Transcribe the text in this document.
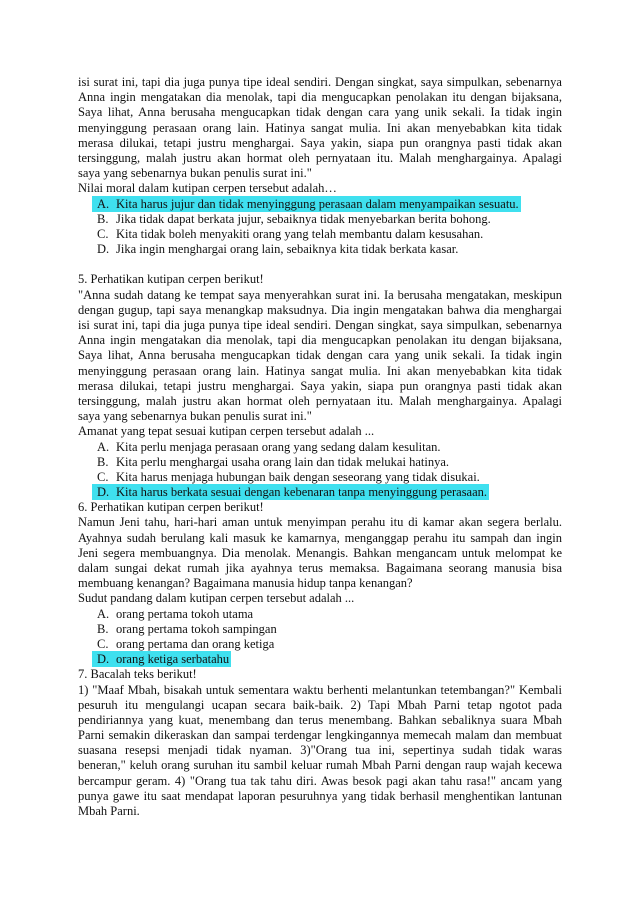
isi surat ini, tapi dia juga punya tipe ideal sendiri. Dengan singkat, saya simpulkan, sebenarnya
Anna ingin mengatakan dia menolak, tapi dia mengucapkan penolakan itu dengan bijaksana,
Saya lihat, Anna berusaha mengucapkan tidak dengan cara yang unik sekali. Ia tidak ingin
menyinggung perasaan orang lain. Hatinya sangat mulia. Ini akan menyebabkan kita tidak
merasa dilukai, tetapi justru menghargai. Saya yakin, siapa pun orangnya pasti tidak akan
tersinggung, malah justru akan hormat oleh pernyataan itu. Malah menghargainya. Apalagi
saya yang sebenarnya bukan penulis surat ini."
Nilai moral dalam kutipan cerpen tersebut adalah…
A. Kita harus jujur dan tidak menyinggung perasaan dalam menyampaikan sesuatu.
B. Jika tidak dapat berkata jujur, sebaiknya tidak menyebarkan berita bohong.
C. Kita tidak boleh menyakiti orang yang telah membantu dalam kesusahan.
D. Jika ingin menghargai orang lain, sebaiknya kita tidak berkata kasar.
5. Perhatikan kutipan cerpen berikut!
"Anna sudah datang ke tempat saya menyerahkan surat ini. Ia berusaha mengatakan, meskipun
dengan gugup, tapi saya menangkap maksudnya. Dia ingin mengatakan bahwa dia menghargai
isi surat ini, tapi dia juga punya tipe ideal sendiri. Dengan singkat, saya simpulkan, sebenarnya
Anna ingin mengatakan dia menolak, tapi dia mengucapkan penolakan itu dengan bijaksana,
Saya lihat, Anna berusaha mengucapkan tidak dengan cara yang unik sekali. Ia tidak ingin
menyinggung perasaan orang lain. Hatinya sangat mulia. Ini akan menyebabkan kita tidak
merasa dilukai, tetapi justru menghargai. Saya yakin, siapa pun orangnya pasti tidak akan
tersinggung, malah justru akan hormat oleh pernyataan itu. Malah menghargainya. Apalagi
saya yang sebenarnya bukan penulis surat ini."
Amanat yang tepat sesuai kutipan cerpen tersebut adalah ...
A. Kita perlu menjaga perasaan orang yang sedang dalam kesulitan.
B. Kita perlu menghargai usaha orang lain dan tidak melukai hatinya.
C. Kita harus menjaga hubungan baik dengan seseorang yang tidak disukai.
D. Kita harus berkata sesuai dengan kebenaran tanpa menyinggung perasaan.
6. Perhatikan kutipan cerpen berikut!
Namun Jeni tahu, hari-hari aman untuk menyimpan perahu itu di kamar akan segera berlalu.
Ayahnya sudah berulang kali masuk ke kamarnya, menganggap perahu itu sampah dan ingin
Jeni segera membuangnya. Dia menolak. Menangis. Bahkan mengancam untuk melompat ke
dalam sungai dekat rumah jika ayahnya terus memaksa. Bagaimana seorang manusia bisa
membuang kenangan? Bagaimana manusia hidup tanpa kenangan?
Sudut pandang dalam kutipan cerpen tersebut adalah ...
A. orang pertama tokoh utama
B. orang pertama tokoh sampingan
C. orang pertama dan orang ketiga
D. orang ketiga serbatahu
7. Bacalah teks berikut!
1) "Maaf Mbah, bisakah untuk sementara waktu berhenti melantunkan tetembangan?" Kembali
pesuruh itu mengulangi ucapan secara baik-baik. 2) Tapi Mbah Parni tetap ngotot pada
pendiriannya yang kuat, menembang dan terus menembang. Bahkan sebaliknya suara Mbah
Parni semakin dikeraskan dan sampai terdengar lengkingannya memecah malam dan membuat
suasana resepsi menjadi tidak nyaman. 3)"Orang tua ini, sepertinya sudah tidak waras
beneran," keluh orang suruhan itu sambil keluar rumah Mbah Parni dengan raup wajah kecewa
bercampur geram. 4) "Orang tua tak tahu diri. Awas besok pagi akan tahu rasa!" ancam yang
punya gawe itu saat mendapat laporan pesuruhnya yang tidak berhasil menghentikan lantunan
Mbah Parni.
